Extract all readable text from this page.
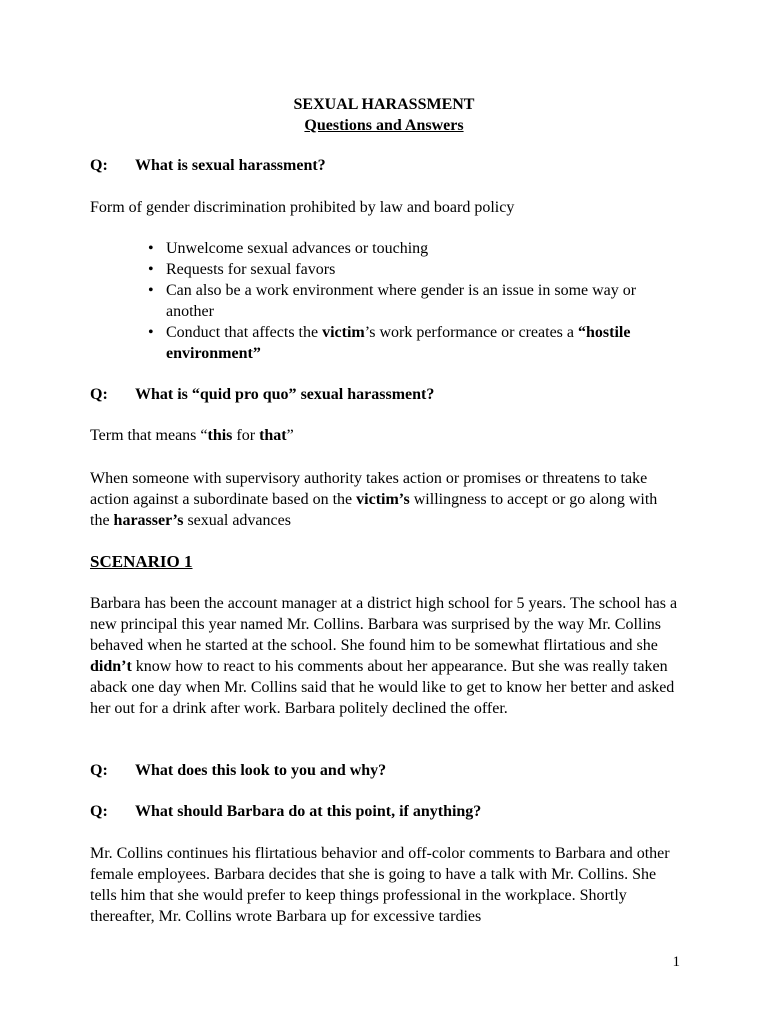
SEXUAL HARASSMENT

Questions and Answers

Q: What is sexual harassment?

Form of gender discrimination prohibited by law and board policy

• Unwelcome sexual advances or touching
• Requests for sexual favors
• Can also be a work environment where gender is an issue in some way or another
• Conduct that affects the victim’s work performance or creates a “hostile environment”

Q: What is “quid pro quo” sexual harassment?

Term that means “this for that”

When someone with supervisory authority takes action or promises or threatens to take action against a subordinate based on the victim’s willingness to accept or go along with the harasser’s sexual advances

SCENARIO 1

Barbara has been the account manager at a district high school for 5 years. The school has a new principal this year named Mr. Collins. Barbara was surprised by the way Mr. Collins behaved when he started at the school. She found him to be somewhat flirtatious and she didn’t know how to react to his comments about her appearance. But she was really taken aback one day when Mr. Collins said that he would like to get to know her better and asked her out for a drink after work. Barbara politely declined the offer.

Q: What does this look to you and why?

Q: What should Barbara do at this point, if anything?

Mr. Collins continues his flirtatious behavior and off-color comments to Barbara and other female employees. Barbara decides that she is going to have a talk with Mr. Collins. She tells him that she would prefer to keep things professional in the workplace. Shortly thereafter, Mr. Collins wrote Barbara up for excessive tardies

1
